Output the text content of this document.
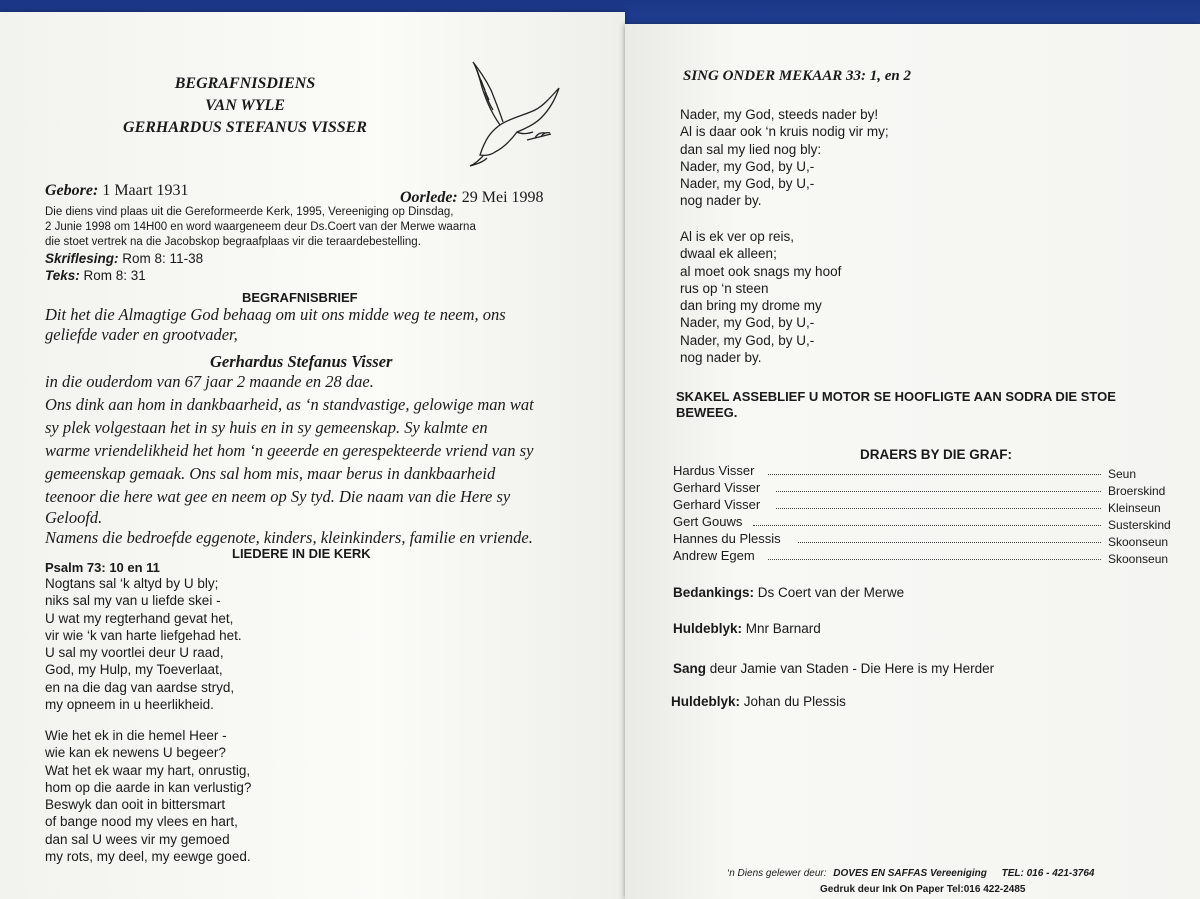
BEGRAFNISDIENS
VAN WYLE
GERHARDUS STEFANUS VISSER
Gebore: 1 Maart 1931	Oorlede: 29 Mei 1998
Die diens vind plaas uit die Gereformeerde Kerk, 1995, Vereeniging op Dinsdag,
2 Junie 1998 om 14H00 en word waargeneem deur Ds.Coert van der Merwe waarna
die stoet vertrek na die Jacobskop begraafplaas vir die teraardebestelling.
Skriflesing: Rom 8: 11-38
Teks: Rom 8: 31
BEGRAFNISBRIEF
Dit het die Almagtige God behaag om uit ons midde weg te neem, ons
geliefde vader en grootvader,
Gerhardus Stefanus Visser
in die ouderdom van 67 jaar 2 maande en 28 dae.
Ons dink aan hom in dankbaarheid, as ‘n standvastige, gelowige man wat
sy plek volgestaan het in sy huis en in sy gemeenskap. Sy kalmte en
warme vriendelikheid het hom ‘n geeerde en gerespekteerde vriend van sy
gemeenskap gemaak. Ons sal hom mis, maar berus in dankbaarheid
teenoor die here wat gee en neem op Sy tyd. Die naam van die Here sy
Geloofd.
Namens die bedroefde eggenote, kinders, kleinkinders, familie en vriende.
LIEDERE IN DIE KERK
Psalm 73: 10 en 11
Nogtans sal ‘k altyd by U bly;
niks sal my van u liefde skei -
U wat my regterhand gevat het,
vir wie ‘k van harte liefgehad het.
U sal my voortlei deur U raad,
God, my Hulp, my Toeverlaat,
en na die dag van aardse stryd,
my opneem in u heerlikheid.
Wie het ek in die hemel Heer -
wie kan ek newens U begeer?
Wat het ek waar my hart, onrustig,
hom op die aarde in kan verlustig?
Beswyk dan ooit in bittersmart
of bange nood my vlees en hart,
dan sal U wees vir my gemoed
my rots, my deel, my eewge goed.
SING ONDER MEKAAR 33: 1, en 2
Nader, my God, steeds nader by!
Al is daar ook ‘n kruis nodig vir my;
dan sal my lied nog bly:
Nader, my God, by U,-
Nader, my God, by U,-
nog nader by.
Al is ek ver op reis,
dwaal ek alleen;
al moet ook snags my hoof
rus op ‘n steen
dan bring my drome my
Nader, my God, by U,-
Nader, my God, by U,-
nog nader by.
SKAKEL ASSEBLIEF U MOTOR SE HOOFLIGTE AAN SODRA DIE STOE
BEWEEG.
DRAERS BY DIE GRAF:
Hardus Visser	Seun
Gerhard Visser	Broerskind
Gerhard Visser	Kleinseun
Gert Gouws	Susterskind
Hannes du Plessis	Skoonseun
Andrew Egem	Skoonseun
Bedankings: Ds Coert van der Merwe
Huldeblyk: Mnr Barnard
Sang deur Jamie van Staden - Die Here is my Herder
Huldeblyk: Johan du Plessis
‘n Diens gelewer deur: DOVES EN SAFFAS Vereeniging TEL: 016 - 421-3764
Gedruk deur Ink On Paper Tel:016 422-2485
